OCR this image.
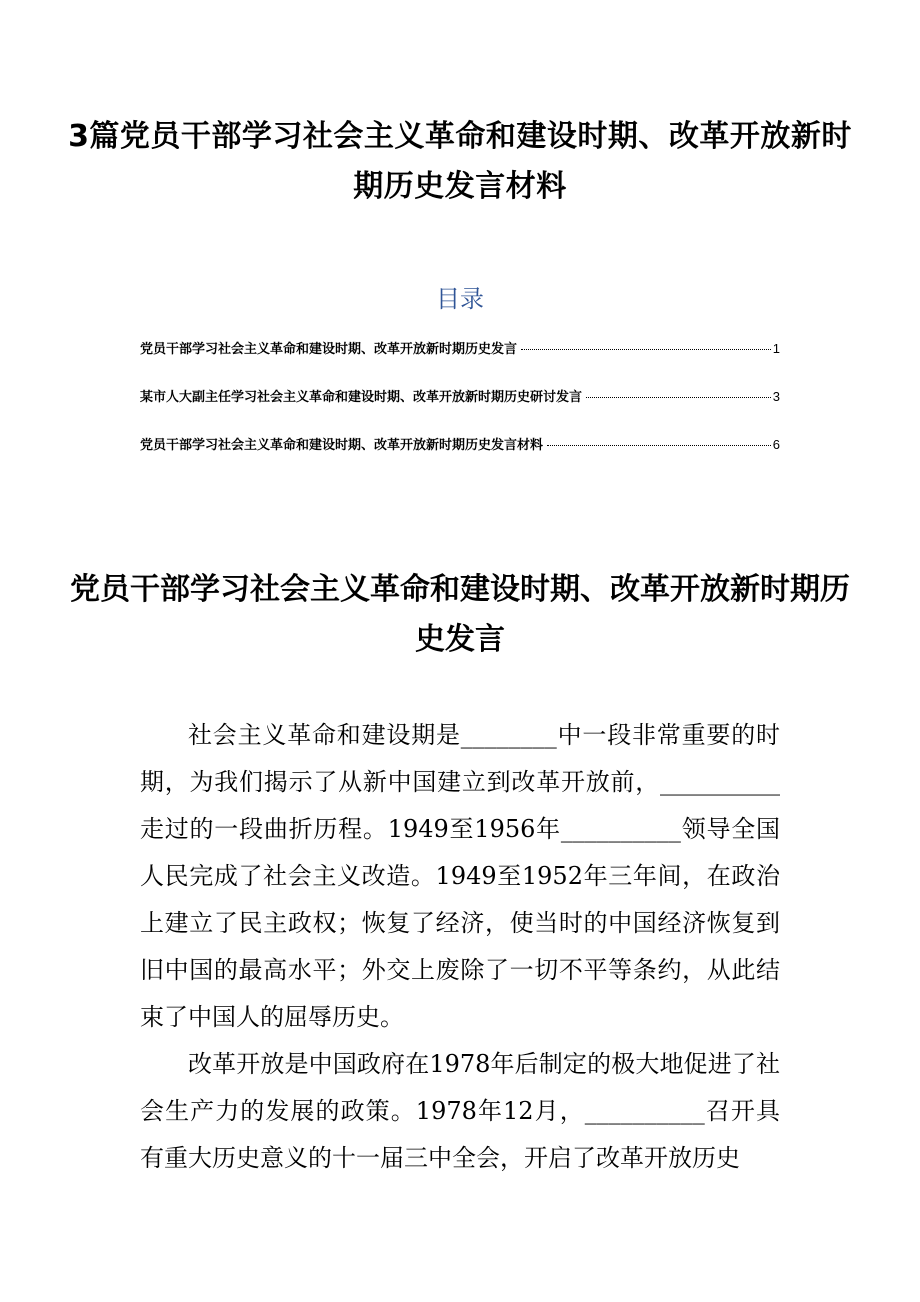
3篇党员干部学习社会主义革命和建设时期、改革开放新时期历史发言材料
目录
党员干部学习社会主义革命和建设时期、改革开放新时期历史发言	1
某市人大副主任学习社会主义革命和建设时期、改革开放新时期历史研讨发言	3
党员干部学习社会主义革命和建设时期、改革开放新时期历史发言材料	6
党员干部学习社会主义革命和建设时期、改革开放新时期历史发言

社会主义革命和建设期是________中一段非常重要的时期，为我们揭示了从新中国建立到改革开放前，__________走过的一段曲折历程。1949至1956年__________领导全国人民完成了社会主义改造。1949至1952年三年间，在政治上建立了民主政权；恢复了经济，使当时的中国经济恢复到旧中国的最高水平；外交上废除了一切不平等条约，从此结束了中国人的屈辱历史。

改革开放是中国政府在1978年后制定的极大地促进了社会生产力的发展的政策。1978年12月，__________召开具有重大历史意义的十一届三中全会，开启了改革开放历史
